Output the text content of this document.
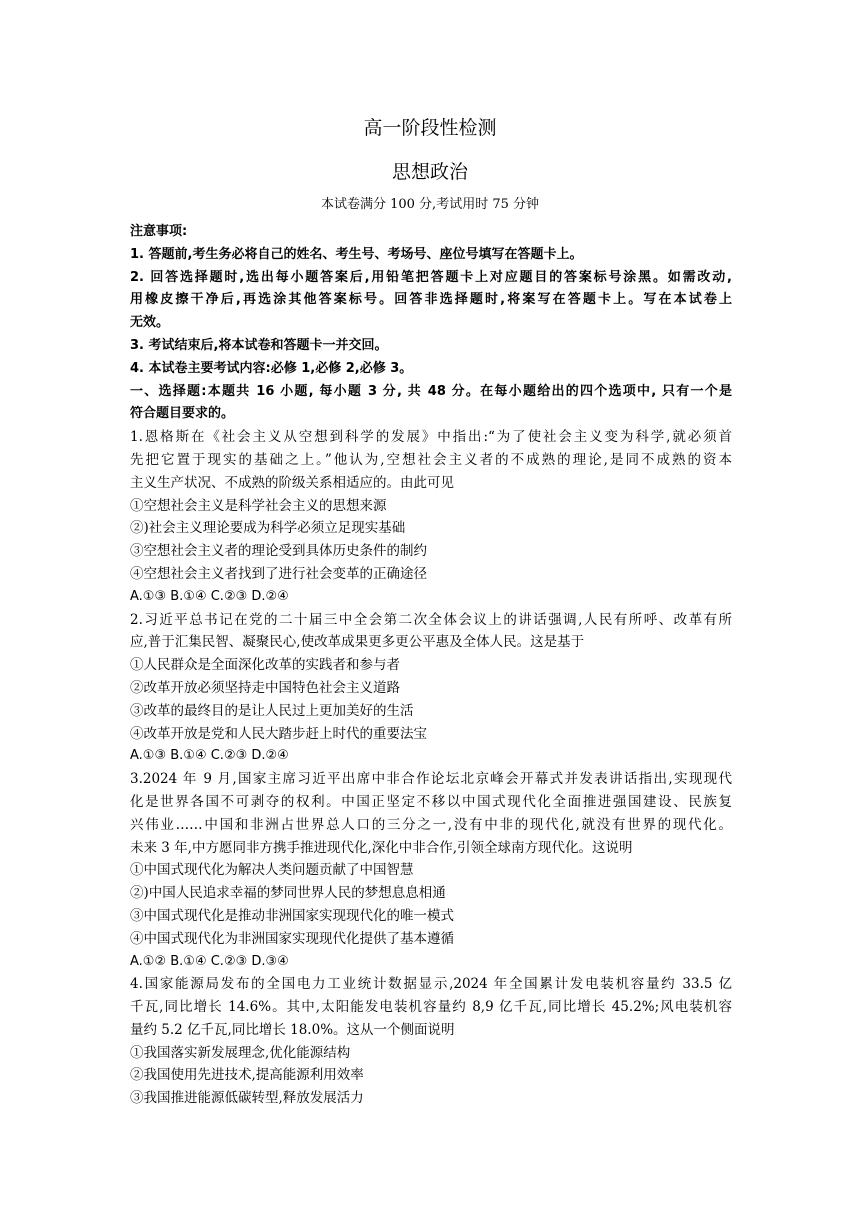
高一阶段性检测
思想政治
本试卷满分 100 分,考试用时 75 分钟
注意事项:
1. 答题前,考生务必将自己的姓名、考生号、考场号、座位号填写在答题卡上。
2. 回答选择题时,选出每小题答案后,用铅笔把答题卡上对应题目的答案标号涂黑。如需改动,
用橡皮擦干净后,再选涂其他答案标号。回答非选择题时,将案写在答题卡上。写在本试卷上
无效。
3. 考试结束后,将本试卷和答题卡一并交回。
4. 本试卷主要考试内容:必修 1,必修 2,必修 3。
一、选择题:本题共 16 小题, 每小题 3 分, 共 48 分。在每小题给出的四个选项中, 只有一个是
符合题目要求的。
1.恩格斯在《社会主义从空想到科学的发展》中指出:“为了使社会主义变为科学,就必须首
先把它置于现实的基础之上。”他认为,空想社会主义者的不成熟的理论,是同不成熟的资本
主义生产状况、不成熟的阶级关系相适应的。由此可见
①空想社会主义是科学社会主义的思想来源
②)社会主义理论要成为科学必须立足现实基础
③空想社会主义者的理论受到具体历史条件的制约
④空想社会主义者找到了进行社会变革的正确途径
A.①③ B.①④ C.②③ D.②④
2.习近平总书记在党的二十届三中全会第二次全体会议上的讲话强调,人民有所呼、改革有所
应,普于汇集民智、凝聚民心,使改革成果更多更公平惠及全体人民。这是基于
①人民群众是全面深化改革的实践者和参与者
②改革开放必须坚持走中国特色社会主义道路
③改革的最终目的是让人民过上更加美好的生活
④改革开放是党和人民大踏步赶上时代的重要法宝
A.①③ B.①④ C.②③ D.②④
3.2024 年 9 月,国家主席习近平出席中非合作论坛北京峰会开幕式并发表讲话指出,实现现代
化是世界各国不可剥夺的权利。中国正坚定不移以中国式现代化全面推进强国建设、民族复
兴伟业……中国和非洲占世界总人口的三分之一,没有中非的现代化,就没有世界的现代化。
未来 3 年,中方愿同非方携手推进现代化,深化中非合作,引领全球南方现代化。这说明
①中国式现代化为解决人类问题贡献了中国智慧
②)中国人民追求幸福的梦同世界人民的梦想息息相通
③中国式现代化是推动非洲国家实现现代化的唯一模式
④中国式现代化为非洲国家实现现代化提供了基本遵循
A.①② B.①④ C.②③ D.③④
4.国家能源局发布的全国电力工业统计数据显示,2024 年全国累计发电装机容量约 33.5 亿
千瓦,同比增长 14.6%。其中,太阳能发电装机容量约 8,9 亿千瓦,同比增长 45.2%;风电装机容
量约 5.2 亿千瓦,同比增长 18.0%。这从一个侧面说明
①我国落实新发展理念,优化能源结构
②我国使用先进技术,提高能源利用效率
③我国推进能源低碳转型,释放发展活力
